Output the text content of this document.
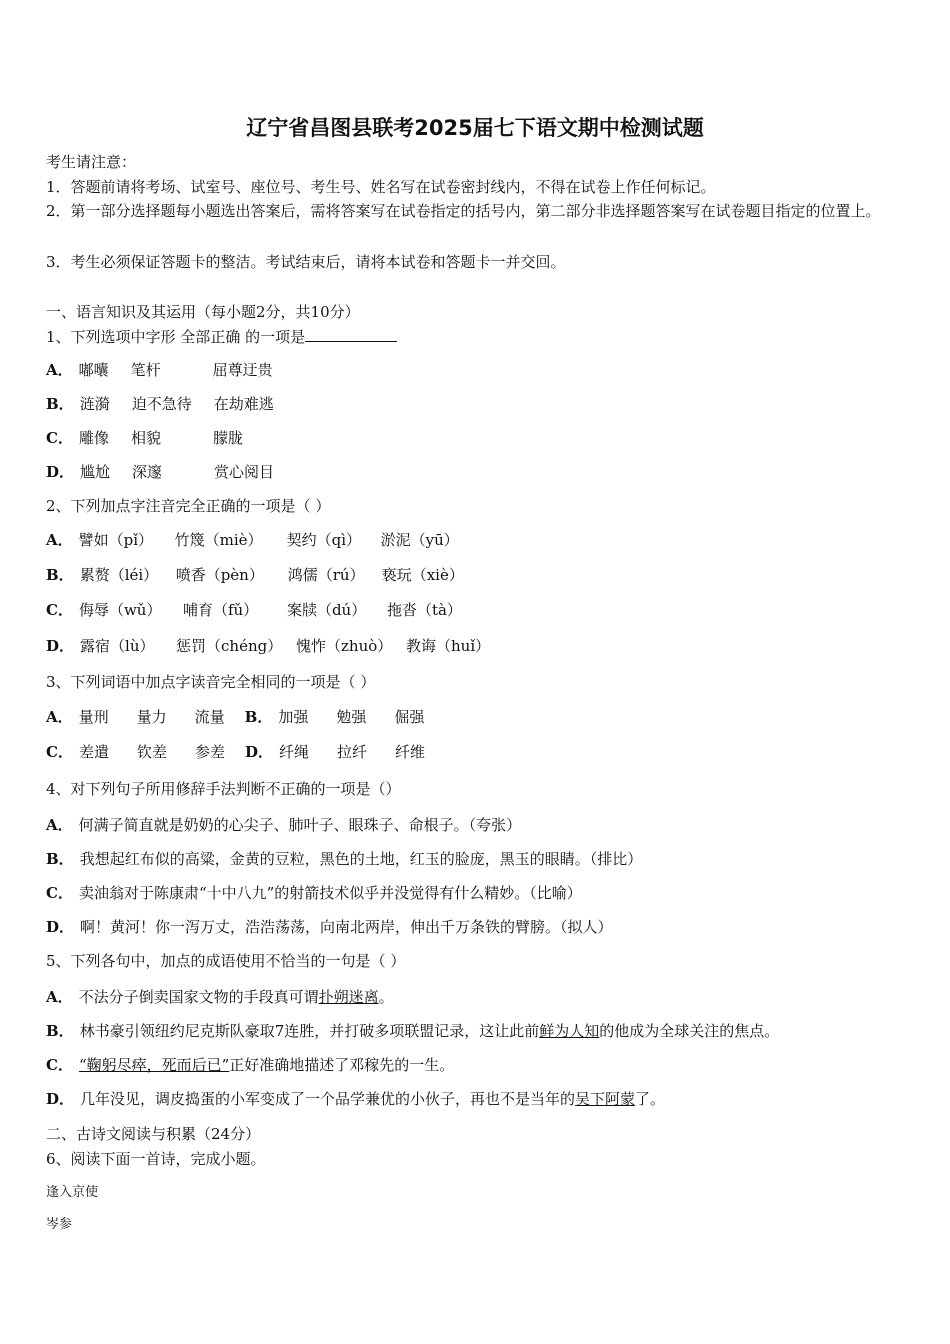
辽宁省昌图县联考2025届七下语文期中检测试题
考生请注意：
1．答题前请将考场、试室号、座位号、考生号、姓名写在试卷密封线内，不得在试卷上作任何标记。
2．第一部分选择题每小题选出答案后，需将答案写在试卷指定的括号内，第二部分非选择题答案写在试卷题目指定的位置上。
3．考生必须保证答题卡的整洁。考试结束后，请将本试卷和答题卡一并交回。
一、语言知识及其运用（每小题2分，共10分）
1、下列选项中字形 全部正确 的一项是
A． 嘟囔 笔杆	屈尊迂贵
B． 涟漪 迫不急待 在劫难逃
C． 雕像 相貌	朦胧
D． 尴尬 深邃	赏心阅目
2、下列加点字注音完全正确的一项是（ ）
A． 譬如（pǐ） 竹篾（miè） 契约（qì） 淤泥（yū）
B． 累赘（léi） 喷香（pèn） 鸿儒（rú） 亵玩（xiè）
C． 侮辱（wǔ） 哺育（fǔ） 案牍（dú） 拖沓（tà）
D． 露宿（lù） 惩罚（chéng） 愧怍（zhuò） 教诲（huǐ）
3、下列词语中加点字读音完全相同的一项是（ ）
A． 量刑 量力 流量 B． 加强 勉强 倔强
C． 差遣 钦差 参差 D． 纤绳 拉纤 纤维
4、对下列句子所用修辞手法判断不正确的一项是（）
A． 何满子简直就是奶奶的心尖子、肺叶子、眼珠子、命根子。（夸张）
B． 我想起红布似的高粱，金黄的豆粒，黑色的土地，红玉的脸庞，黑玉的眼睛。（排比）
C． 卖油翁对于陈康肃“十中八九”的射箭技术似乎并没觉得有什么精妙。（比喻）
D． 啊！黄河！你一泻万丈，浩浩荡荡，向南北两岸，伸出千万条铁的臂膀。（拟人）
5、下列各句中，加点的成语使用不恰当的一句是（ ）
A． 不法分子倒卖国家文物的手段真可谓扑朔迷离。
B． 林书豪引领纽约尼克斯队豪取7连胜，并打破多项联盟记录，这让此前鲜为人知的他成为全球关注的焦点。
C． “鞠躬尽瘁，死而后已”正好准确地描述了邓稼先的一生。
D． 几年没见，调皮捣蛋的小军变成了一个品学兼优的小伙子，再也不是当年的吴下阿蒙了。
二、古诗文阅读与积累（24分）
6、阅读下面一首诗，完成小题。
逢入京使
岑参
